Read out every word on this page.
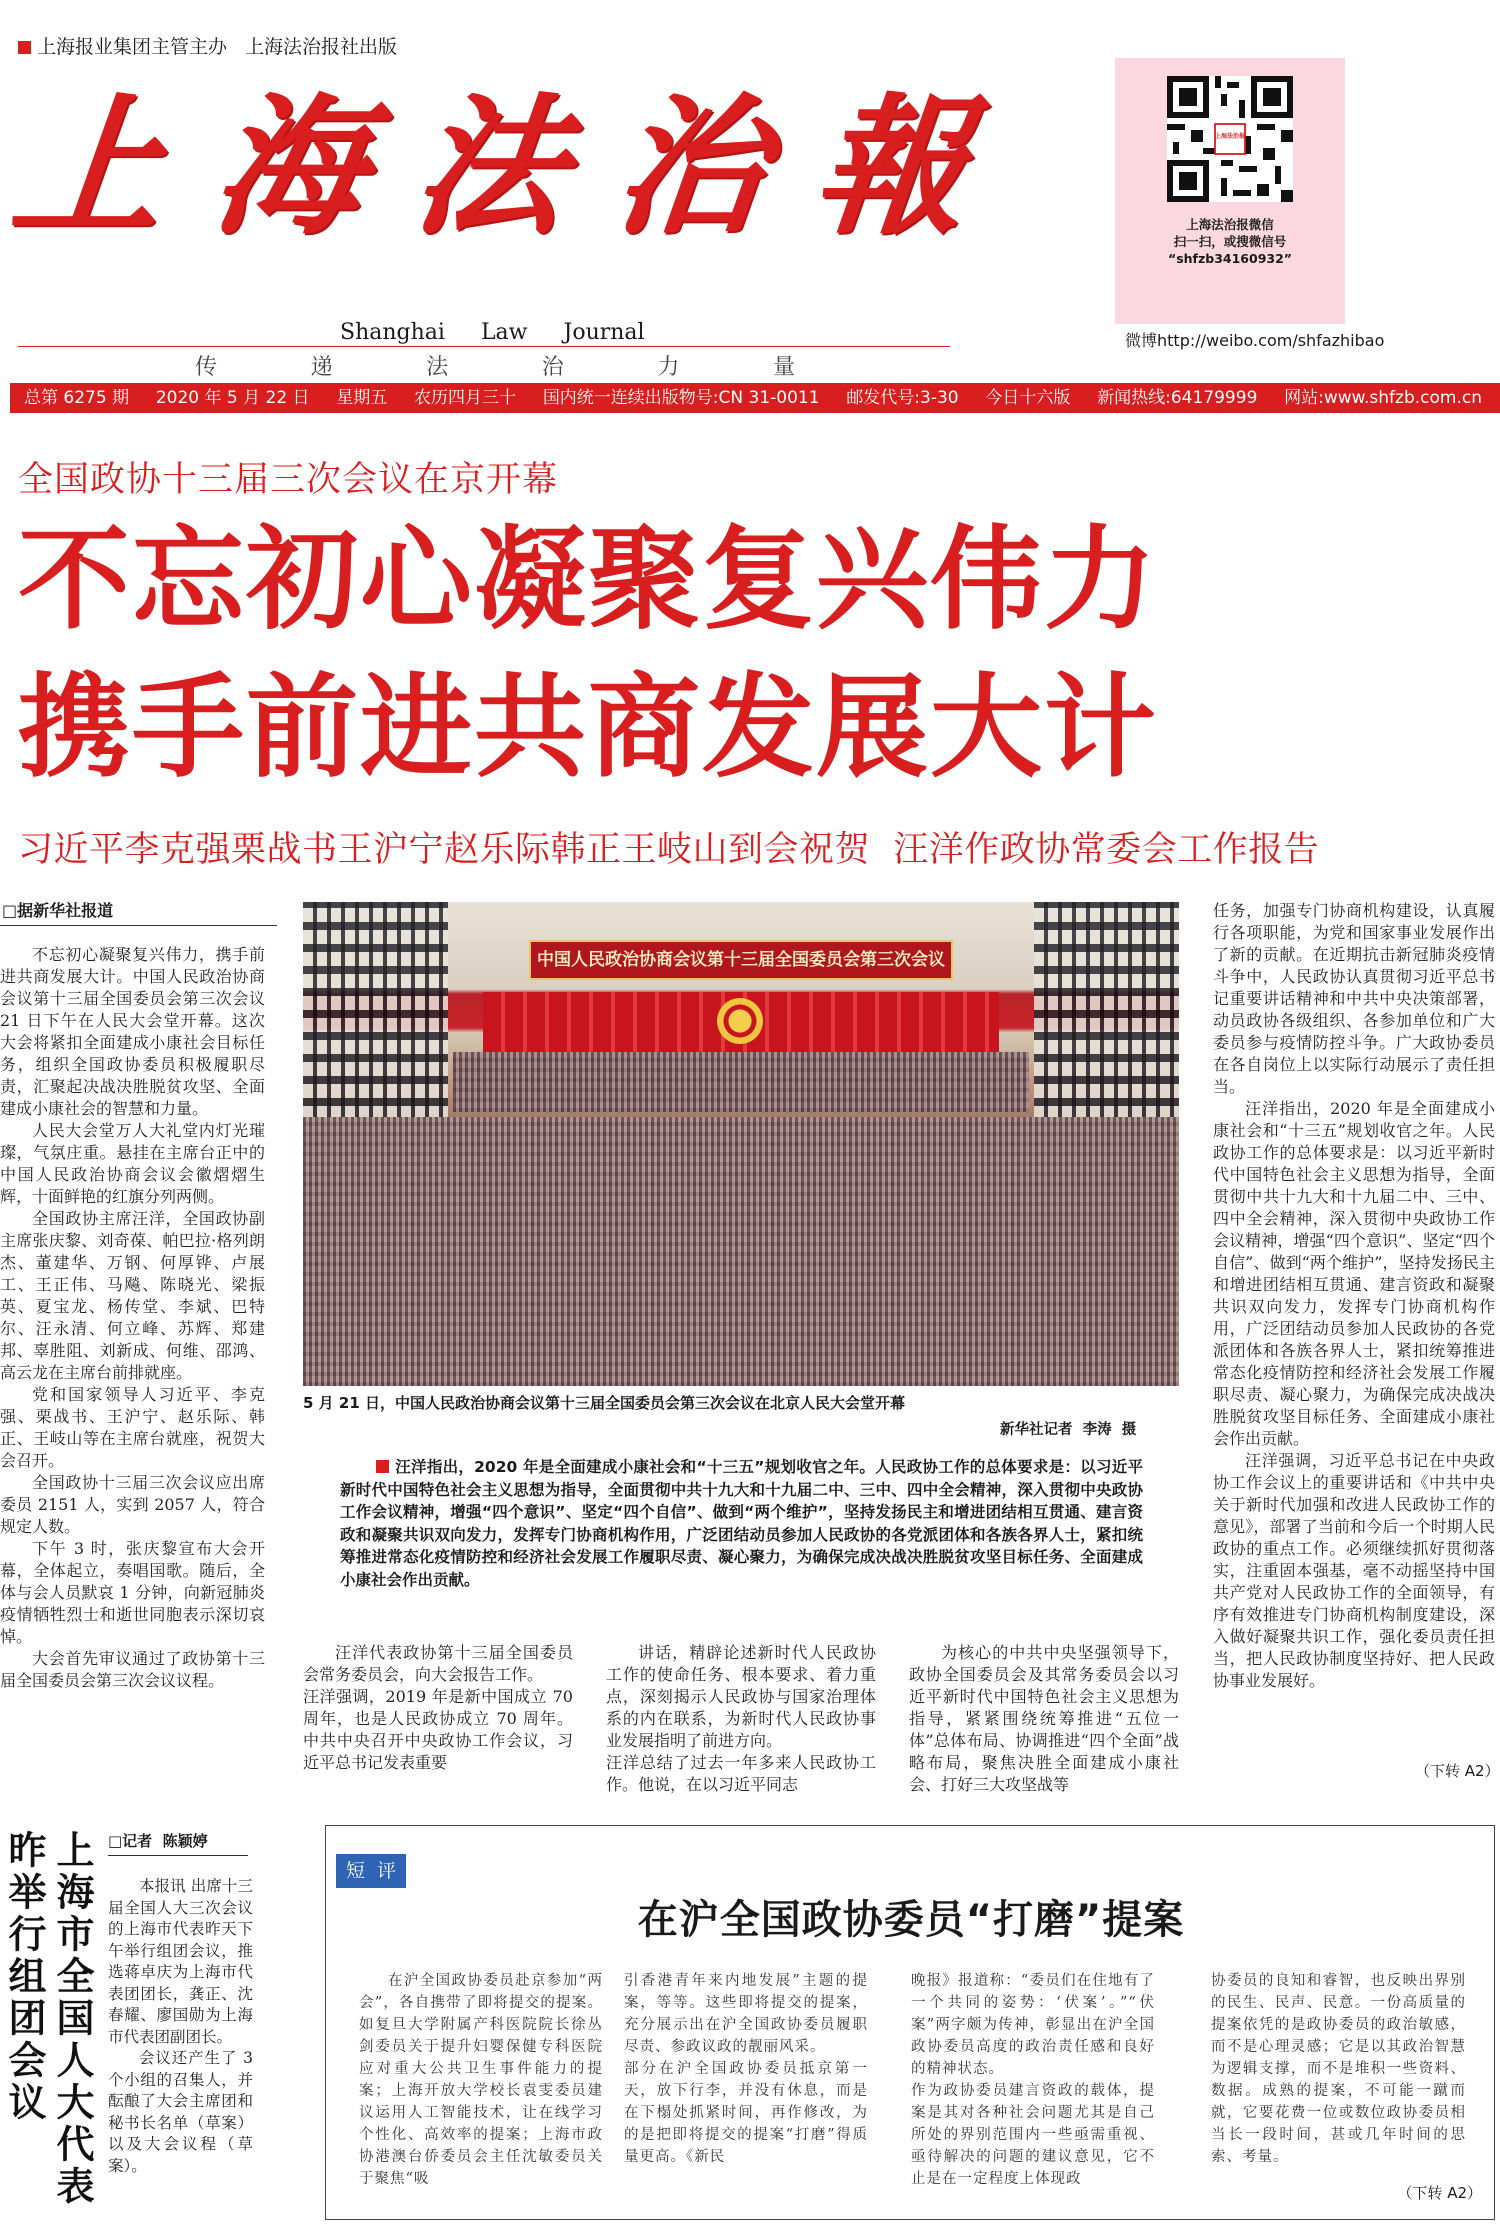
上海报业集团主管主办 上海法治报社出版
上 海 法 治 報
Shanghai Law Journal
传	递	法	治	力	量
上海法治报
上海法治报微信
扫一扫，或搜微信号
“shfzb34160932”
微博http://weibo.com/shfazhibao
总第 6275 期 2020 年 5 月 22 日 星期五 农历四月三十 国内统一连续出版物号:CN 31-0011 邮发代号:3-30 今日十六版 新闻热线:64179999 网站:www.shfzb.com.cn
全国政协十三届三次会议在京开幕
不忘初心凝聚复兴伟力
携手前进共商发展大计
习近平李克强栗战书王沪宁赵乐际韩正王岐山到会祝贺  汪洋作政协常委会工作报告
□据新华社报道

不忘初心凝聚复兴伟力，携手前进共商发展大计。中国人民政治协商会议第十三届全国委员会第三次会议 21 日下午在人民大会堂开幕。这次大会将紧扣全面建成小康社会目标任务，组织全国政协委员积极履职尽责，汇聚起决战决胜脱贫攻坚、全面建成小康社会的智慧和力量。

人民大会堂万人大礼堂内灯光璀璨，气氛庄重。悬挂在主席台正中的中国人民政治协商会议会徽熠熠生辉，十面鲜艳的红旗分列两侧。

全国政协主席汪洋，全国政协副主席张庆黎、刘奇葆、帕巴拉·格列朗杰、董建华、万钢、何厚铧、卢展工、王正伟、马飚、陈晓光、梁振英、夏宝龙、杨传堂、李斌、巴特尔、汪永清、何立峰、苏辉、郑建邦、辜胜阻、刘新成、何维、邵鸿、高云龙在主席台前排就座。

党和国家领导人习近平、李克强、栗战书、王沪宁、赵乐际、韩正、王岐山等在主席台就座，祝贺大会召开。

全国政协十三届三次会议应出席委员 2151 人，实到 2057 人，符合规定人数。

下午 3 时，张庆黎宣布大会开幕，全体起立，奏唱国歌。随后，全体与会人员默哀 1 分钟，向新冠肺炎疫情牺牲烈士和逝世同胞表示深切哀悼。

大会首先审议通过了政协第十三届全国委员会第三次会议议程。

中国人民政治协商会议第十三届全国委员会第三次会议
5 月 21 日，中国人民政治协商会议第十三届全国委员会第三次会议在北京人民大会堂开幕
新华社记者  李涛  摄
汪洋指出，2020 年是全面建成小康社会和“十三五”规划收官之年。人民政协工作的总体要求是：以习近平新时代中国特色社会主义思想为指导，全面贯彻中共十九大和十九届二中、三中、四中全会精神，深入贯彻中央政协工作会议精神，增强“四个意识”、坚定“四个自信”、做到“两个维护”，坚持发扬民主和增进团结相互贯通、建言资政和凝聚共识双向发力，发挥专门协商机构作用，广泛团结动员参加人民政协的各党派团体和各族各界人士，紧扣统筹推进常态化疫情防控和经济社会发展工作履职尽责、凝心聚力，为确保完成决战决胜脱贫攻坚目标任务、全面建成小康社会作出贡献。

汪洋代表政协第十三届全国委员会常务委员会，向大会报告工作。
汪洋强调，2019 年是新中国成立 70 周年，也是人民政协成立 70 周年。中共中央召开中央政协工作会议，习近平总书记发表重要

讲话，精辟论述新时代人民政协工作的使命任务、根本要求、着力重点，深刻揭示人民政协与国家治理体系的内在联系，为新时代人民政协事业发展指明了前进方向。
汪洋总结了过去一年多来人民政协工作。他说，在以习近平同志

为核心的中共中央坚强领导下，政协全国委员会及其常务委员会以习近平新时代中国特色社会主义思想为指导，紧紧围绕统筹推进“五位一体”总体布局、协调推进“四个全面”战略布局，聚焦决胜全面建成小康社会、打好三大攻坚战等

任务，加强专门协商机构建设，认真履行各项职能，为党和国家事业发展作出了新的贡献。在近期抗击新冠肺炎疫情斗争中，人民政协认真贯彻习近平总书记重要讲话精神和中共中央决策部署，动员政协各级组织、各参加单位和广大委员参与疫情防控斗争。广大政协委员在各自岗位上以实际行动展示了责任担当。

汪洋指出，2020 年是全面建成小康社会和“十三五”规划收官之年。人民政协工作的总体要求是：以习近平新时代中国特色社会主义思想为指导，全面贯彻中共十九大和十九届二中、三中、四中全会精神，深入贯彻中央政协工作会议精神，增强“四个意识”、坚定“四个自信”、做到“两个维护”，坚持发扬民主和增进团结相互贯通、建言资政和凝聚共识双向发力，发挥专门协商机构作用，广泛团结动员参加人民政协的各党派团体和各族各界人士，紧扣统筹推进常态化疫情防控和经济社会发展工作履职尽责、凝心聚力，为确保完成决战决胜脱贫攻坚目标任务、全面建成小康社会作出贡献。

汪洋强调，习近平总书记在中央政协工作会议上的重要讲话和《中共中央关于新时代加强和改进人民政协工作的意见》，部署了当前和今后一个时期人民政协的重点工作。必须继续抓好贯彻落实，注重固本强基，毫不动摇坚持中国共产党对人民政协工作的全面领导，有序有效推进专门协商机构制度建设，深入做好凝聚共识工作，强化委员责任担当，把人民政协制度坚持好、把人民政协事业发展好。

（下转 A2）
上海市全国人大代表昨举行组团会议	□记者  陈颖婷

本报讯 出席十三届全国人大三次会议的上海市代表昨天下午举行组团会议，推选蒋卓庆为上海市代表团团长，龚正、沈春耀、廖国勋为上海市代表团副团长。

会议还产生了 3 个小组的召集人，并酝酿了大会主席团和秘书长名单（草案）以及大会议程（草案）。

短  评
在沪全国政协委员“打磨”提案

在沪全国政协委员赴京参加“两会”，各自携带了即将提交的提案。如复旦大学附属产科医院院长徐丛剑委员关于提升妇婴保健专科医院应对重大公共卫生事件能力的提案；上海开放大学校长袁雯委员建议运用人工智能技术，让在线学习个性化、高效率的提案；上海市政协港澳台侨委员会主任沈敏委员关于聚焦“吸

引香港青年来内地发展”主题的提案，等等。这些即将提交的提案，充分展示出在沪全国政协委员履职尽责、参政议政的靓丽风采。
部分在沪全国政协委员抵京第一天，放下行李，并没有休息，而是在下榻处抓紧时间，再作修改，为的是把即将提交的提案“打磨”得质量更高。《新民

晚报》报道称：“委员们在住地有了一个共同的姿势：‘伏案’。”“伏案”两字颇为传神，彰显出在沪全国政协委员高度的政治责任感和良好的精神状态。
作为政协委员建言资政的载体，提案是其对各种社会问题尤其是自己所处的界别范围内一些亟需重视、亟待解决的问题的建议意见，它不止是在一定程度上体现政

协委员的良知和睿智，也反映出界别的民生、民声、民意。一份高质量的提案依凭的是政协委员的政治敏感，而不是心理灵感；它是以其政治智慧为逻辑支撑，而不是堆积一些资料、数据。成熟的提案，不可能一蹴而就，它要花费一位或数位政协委员相当长一段时间，甚或几年时间的思索、考量。

（下转 A2）
